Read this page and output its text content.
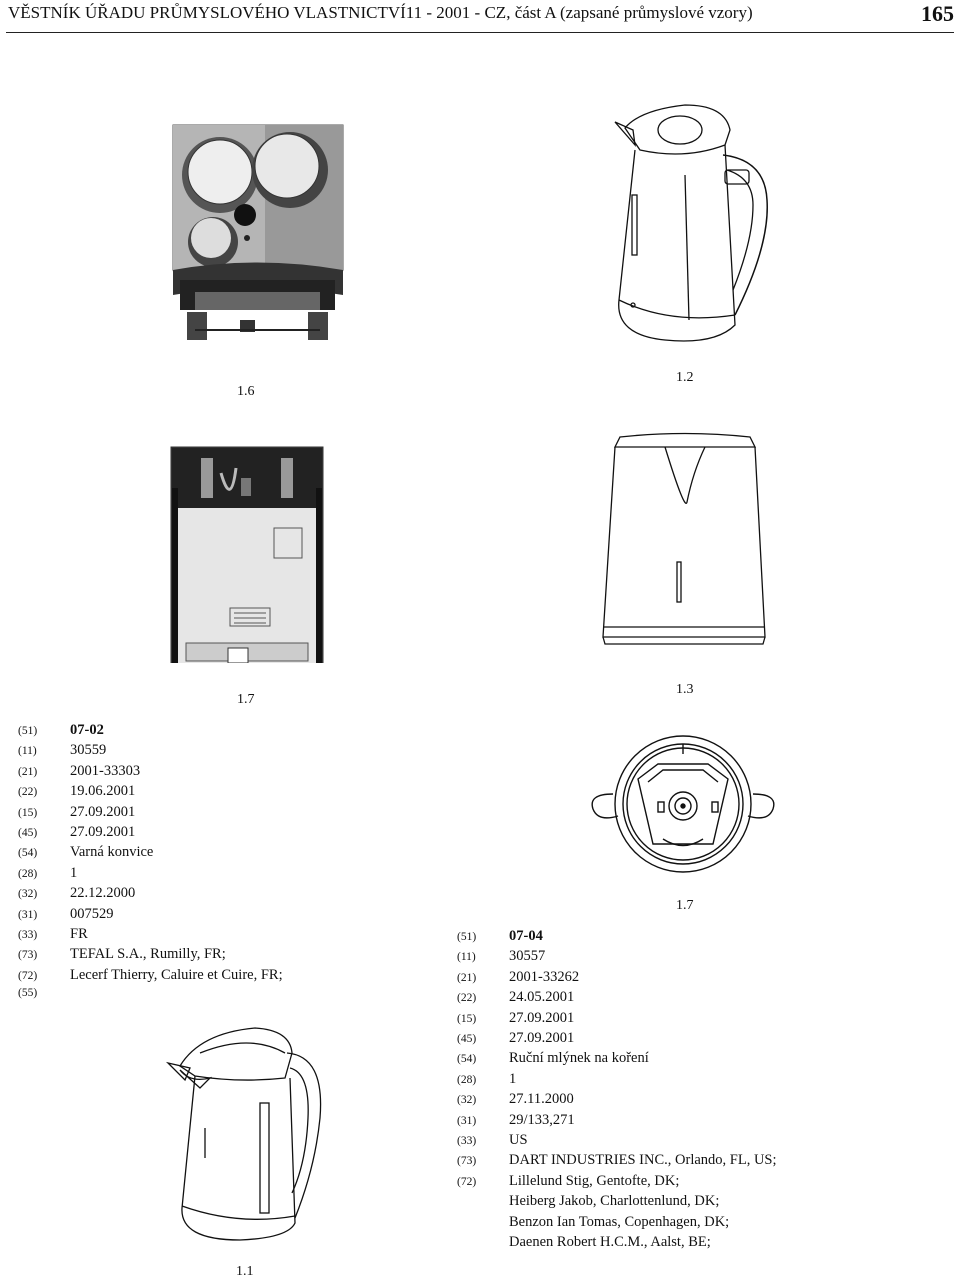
VĚSTNÍK ÚŘADU PRŮMYSLOVÉHO VLASTNICTVÍ11 - 2001 - CZ, část A (zapsané průmyslové vzory)	165
1.6
1.2
1.7
1.3
1.7
1.1
(51)	07-02
(11)	30559
(21)	2001-33303
(22)	19.06.2001
(15)	27.09.2001
(45)	27.09.2001
(54)	Varná konvice
(28)	1
(32)	22.12.2000
(31)	007529
(33)	FR
(73)	TEFAL S.A., Rumilly, FR;
(72)	Lecerf Thierry, Caluire et Cuire, FR;
(55)
(51)	07-04
(11)	30557
(21)	2001-33262
(22)	24.05.2001
(15)	27.09.2001
(45)	27.09.2001
(54)	Ruční mlýnek na koření
(28)	1
(32)	27.11.2000
(31)	29/133,271
(33)	US
(73)	DART INDUSTRIES INC., Orlando, FL, US;
(72)	Lillelund Stig, Gentofte, DK;
Heiberg Jakob, Charlottenlund, DK;
Benzon Ian Tomas, Copenhagen, DK;
Daenen Robert H.C.M., Aalst, BE;
